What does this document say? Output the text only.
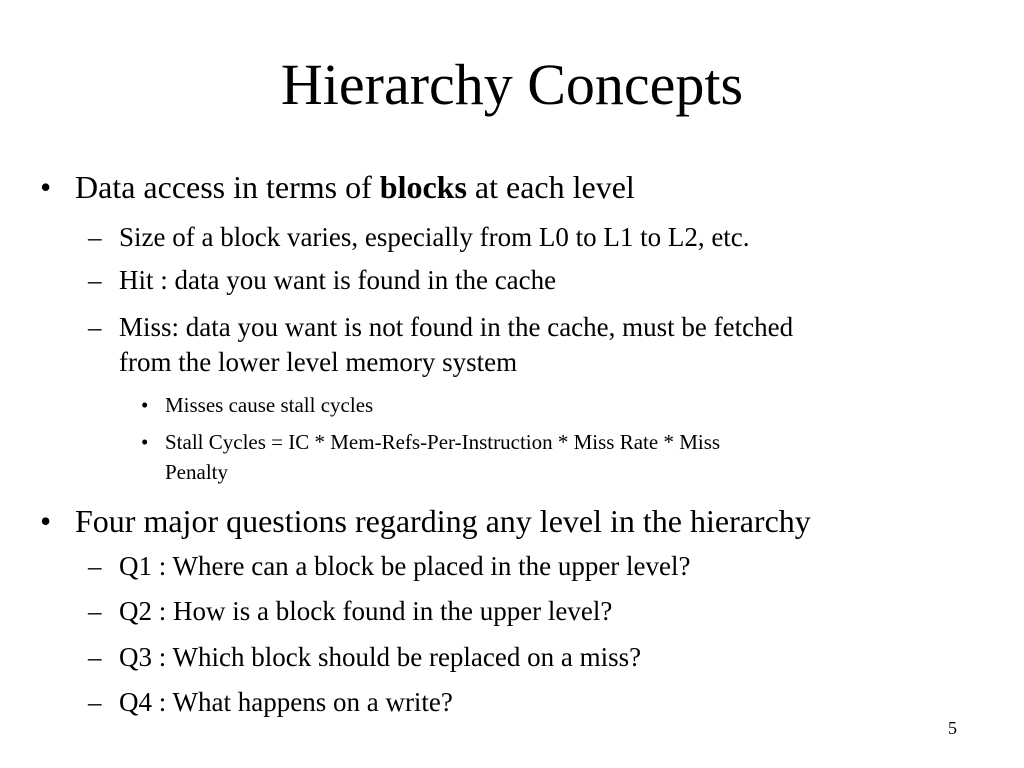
Hierarchy Concepts
• Data access in terms of blocks at each level
– Size of a block varies, especially from L0 to L1 to L2, etc.
– Hit : data you want is found in the cache
– Miss: data you want is not found in the cache, must be fetched
from the lower level memory system
• Misses cause stall cycles
• Stall Cycles = IC * Mem-Refs-Per-Instruction * Miss Rate * Miss
Penalty
• Four major questions regarding any level in the hierarchy
– Q1 : Where can a block be placed in the upper level?
– Q2 : How is a block found in the upper level?
– Q3 : Which block should be replaced on a miss?
– Q4 : What happens on a write?
5
